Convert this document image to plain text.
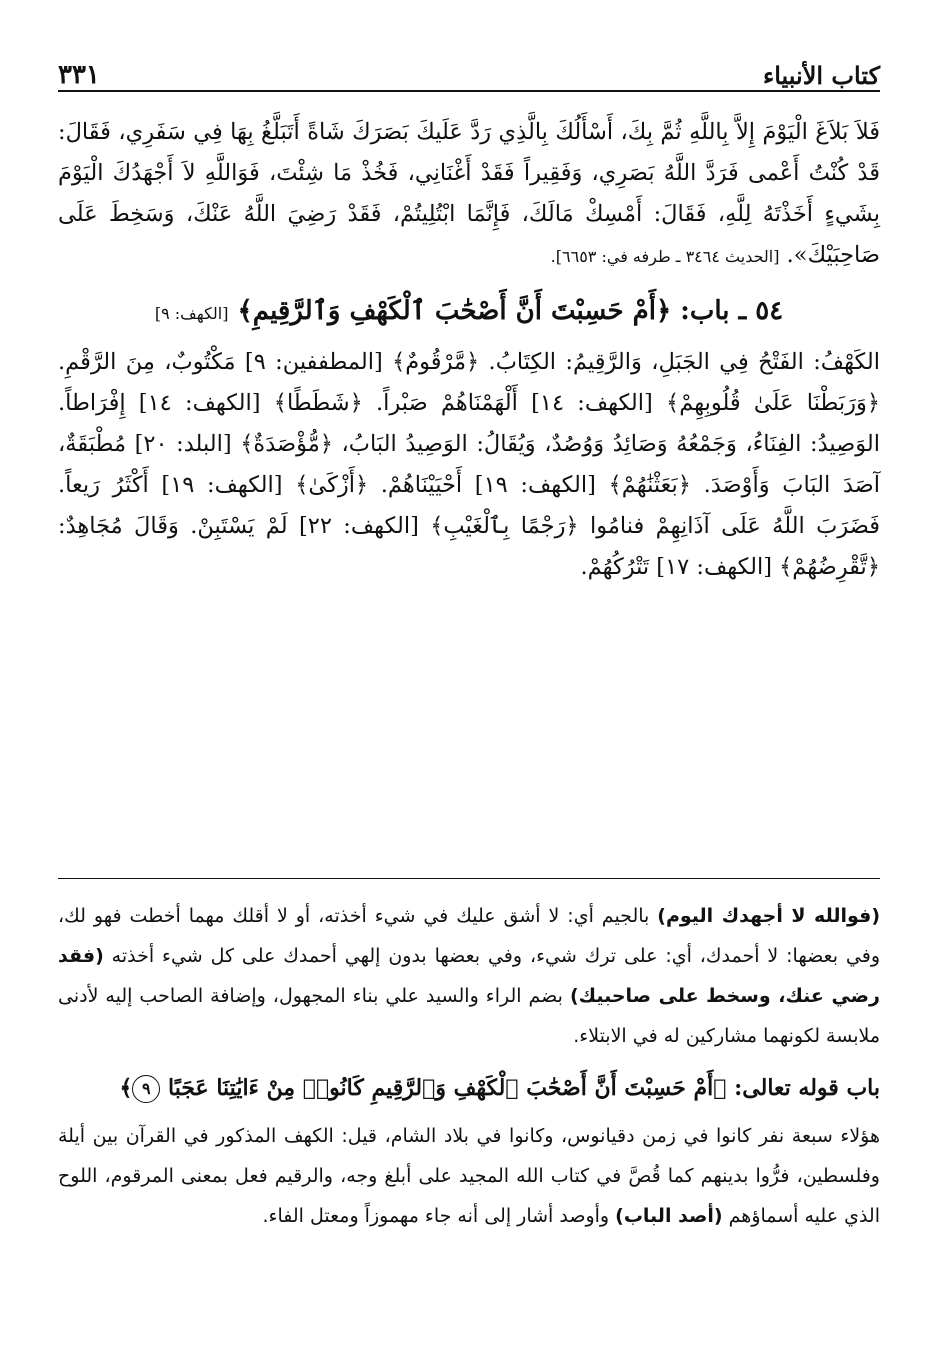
كتاب الأنبياء
٣٣١

فَلاَ بَلاَغَ الْيَوْمَ إِلاَّ بِاللَّهِ ثُمَّ بِكَ، أَسْأَلُكَ بِالَّذِي رَدَّ عَلَيكَ بَصَرَكَ شَاةً أَتَبَلَّغُ بِهَا فِي سَفَرِي، فَقَالَ: قَدْ كُنْتُ أَعْمى فَرَدَّ اللَّهُ بَصَرِي، وَفَقِيراً فَقَدْ أَغْنَانِي، فَخُذْ مَا شِئْتَ، فَوَاللَّهِ لاَ أَجْهَدُكَ الْيَوْمَ بِشَيءٍ أَخَذْتَهُ لِلَّهِ، فَقَالَ: أَمْسِكْ مَالَكَ، فَإِنَّمَا ابْتُلِيتُمْ، فَقَدْ رَضِيَ اللَّهُ عَنْكَ، وَسَخِطَ عَلَى صَاحِبَيْكَ». [الحديث ٣٤٦٤ ـ طرفه في: ٦٦٥٣].

٥٤ ـ باب: ﴿أَمْ حَسِبْتَ أَنَّ أَصْحَٰبَ ٱلْكَهْفِ وَٱلرَّقِيمِ﴾ [الكهف: ٩]

الكَهْفُ: الفَتْحُ فِي الجَبَلِ، وَالرَّقِيمُ: الكِتَابُ. ﴿مَّرْقُومٌ﴾ [المطففين: ٩] مَكْتُوبٌ، مِنَ الرَّقْمِ. ﴿وَرَبَطْنَا عَلَىٰ قُلُوبِهِمْ﴾ [الكهف: ١٤] أَلْهَمْنَاهُمْ صَبْراً. ﴿شَطَطًا﴾ [الكهف: ١٤] إِفْرَاطاً. الوَصِيدُ: الفِنَاءُ، وَجَمْعُهُ وَصَائِدُ وَوُصُدٌ، وَيُقَالُ: الوَصِيدُ البَابُ، ﴿مُّؤْصَدَةٌ﴾ [البلد: ٢٠] مُطْبَقَةٌ، آصَدَ البَابَ وَأَوْصَدَ. ﴿بَعَثْنَٰهُمْ﴾ [الكهف: ١٩] أَحْيَيْنَاهُمْ. ﴿أَزْكَىٰ﴾ [الكهف: ١٩] أَكْثَرُ رَيعاً. فَضَرَبَ اللَّهُ عَلَى آذَانِهِمْ فنامُوا ﴿رَجْمًا بِٱلْغَيْبِ﴾ [الكهف: ٢٢] لَمْ يَسْتَبِنْ. وَقَالَ مُجَاهِدٌ: ﴿تَّقْرِضُهُمْ﴾ [الكهف: ١٧] تَتْرُكُهُمْ.

(فوالله لا أجهدك اليوم) بالجيم أي: لا أشق عليك في شيء أخذته، أو لا أقلك مهما أخطت فهو لك، وفي بعضها: لا أحمدك، أي: على ترك شيء، وفي بعضها بدون إلهي أحمدك على كل شيء أخذته (فقد رضي عنك، وسخط على صاحبيك) بضم الراء والسيد علي بناء المجهول، وإضافة الصاحب إليه لأدنى ملابسة لكونهما مشاركين له في الابتلاء.

باب قوله تعالى: ﴿أَمْ حَسِبْتَ أَنَّ أَصْحَٰبَ ٱلْكَهْفِ وَٱلرَّقِيمِ كَانُوا۟ مِنْ ءَايَٰتِنَا عَجَبًا ٩﴾

هؤلاء سبعة نفر كانوا في زمن دقيانوس، وكانوا في بلاد الشام، قيل: الكهف المذكور في القرآن بين أيلة وفلسطين، فرُّوا بدينهم كما قُصَّ في كتاب الله المجيد على أبلغ وجه، والرقيم فعل بمعنى المرقوم، اللوح الذي عليه أسماؤهم (أصد الباب) وأوصد أشار إلى أنه جاء مهموزاً ومعتل الفاء.
